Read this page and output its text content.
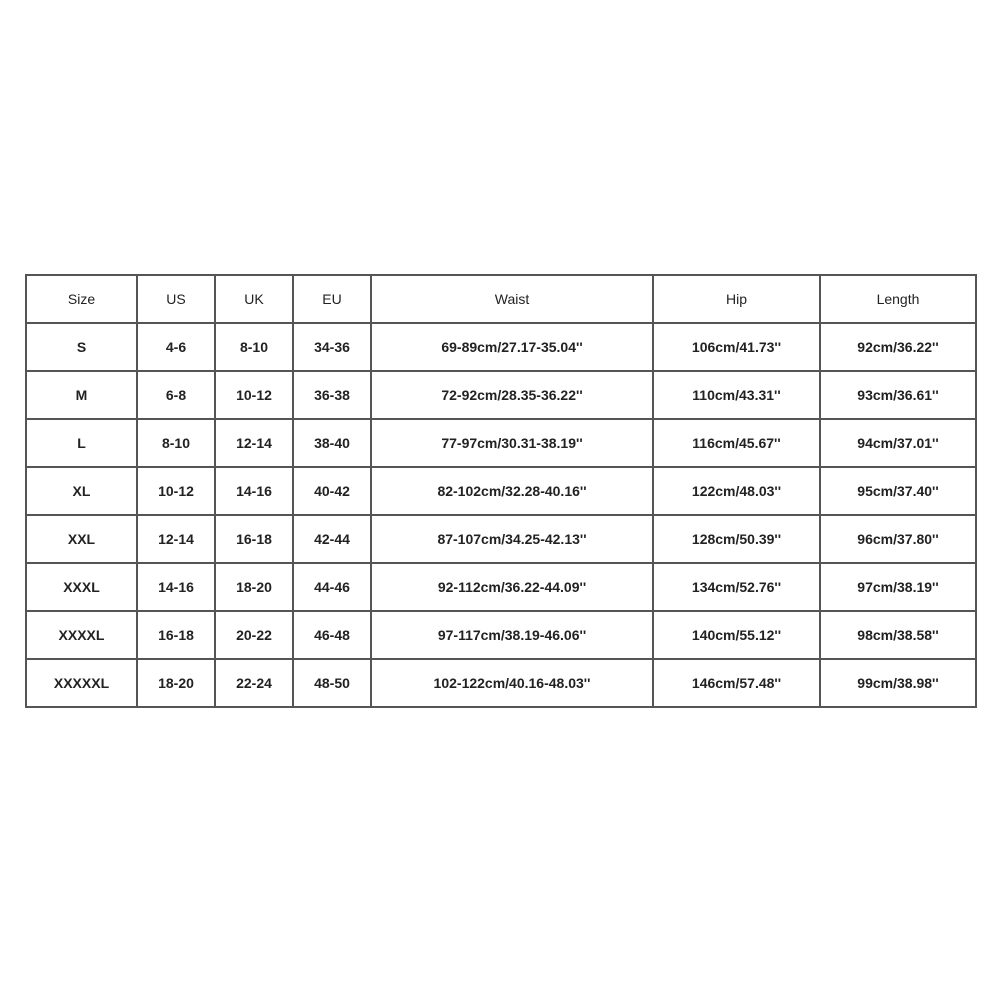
Size	US	UK	EU	Waist	Hip	Length
S	4-6	8-10	34-36	69-89cm/27.17-35.04''	106cm/41.73''	92cm/36.22''
M	6-8	10-12	36-38	72-92cm/28.35-36.22''	110cm/43.31''	93cm/36.61''
L	8-10	12-14	38-40	77-97cm/30.31-38.19''	116cm/45.67''	94cm/37.01''
XL	10-12	14-16	40-42	82-102cm/32.28-40.16''	122cm/48.03''	95cm/37.40''
XXL	12-14	16-18	42-44	87-107cm/34.25-42.13''	128cm/50.39''	96cm/37.80''
XXXL	14-16	18-20	44-46	92-112cm/36.22-44.09''	134cm/52.76''	97cm/38.19''
XXXXL	16-18	20-22	46-48	97-117cm/38.19-46.06''	140cm/55.12''	98cm/38.58''
XXXXXL	18-20	22-24	48-50	102-122cm/40.16-48.03''	146cm/57.48''	99cm/38.98''
